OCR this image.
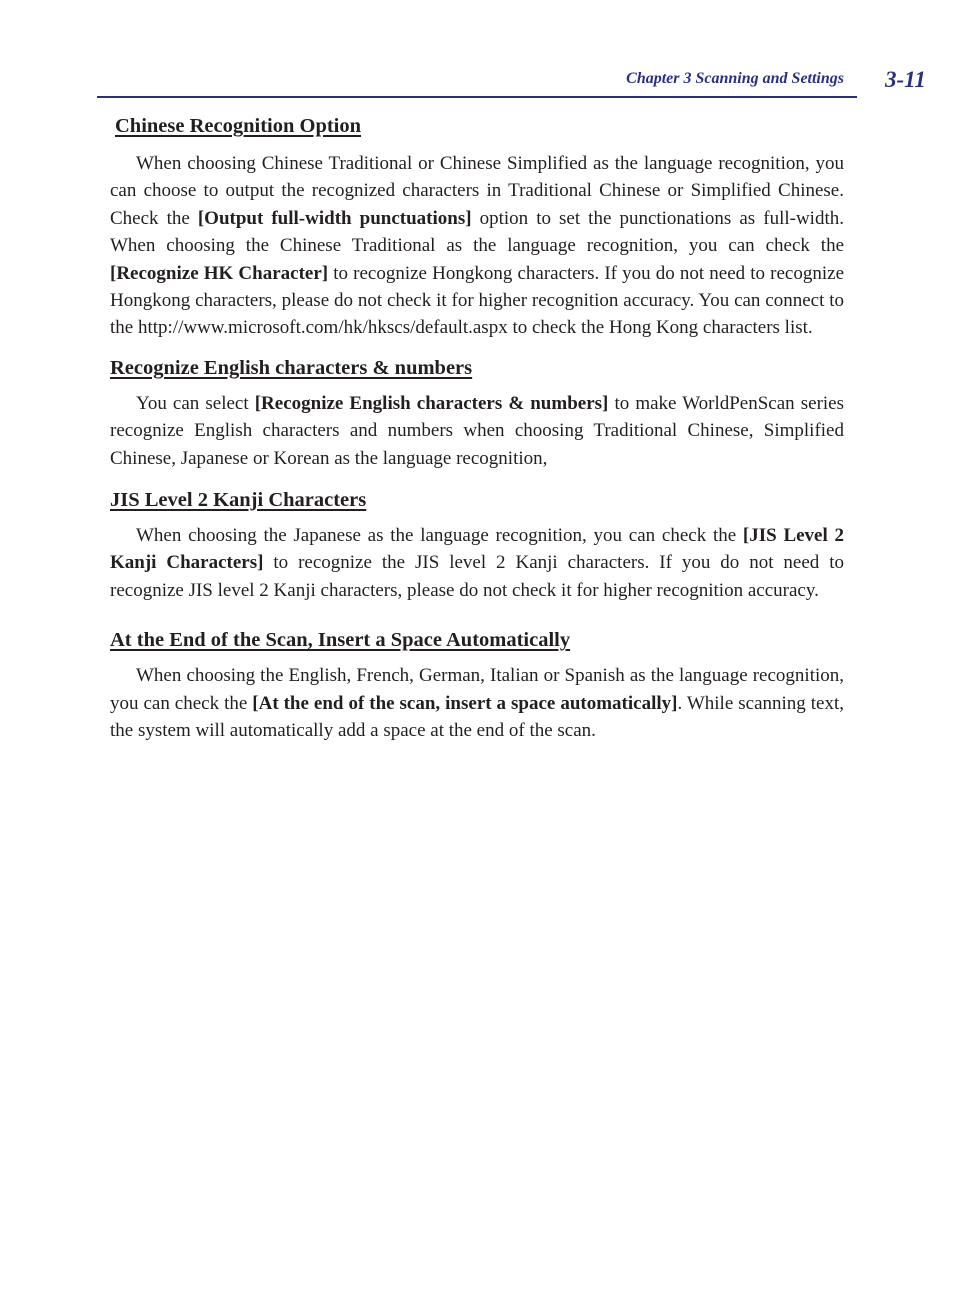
Chapter 3 Scanning and Settings 3-11
Chinese Recognition Option

When choosing Chinese Traditional or Chinese Simplified as the language recognition, you can choose to output the recognized characters in Traditional Chinese or Simplified Chinese. Check the [Output full-width punctuations] option to set the punctionations as full-width. When choosing the Chinese Traditional as the language recognition, you can check the [Recognize HK Character] to recognize Hongkong characters. If you do not need to recognize Hongkong characters, please do not check it for higher recognition accuracy. You can connect to the http://www.microsoft.com/hk/hkscs/default.aspx to check the Hong Kong characters list.

Recognize English characters & numbers

You can select [Recognize English characters & numbers] to make WorldPenScan series recognize English characters and numbers when choosing Traditional Chinese, Simplified Chinese, Japanese or Korean as the language recognition,

JIS Level 2 Kanji Characters

When choosing the Japanese as the language recognition, you can check the [JIS Level 2 Kanji Characters] to recognize the JIS level 2 Kanji characters. If you do not need to recognize JIS level 2 Kanji characters, please do not check it for higher recognition accuracy.

At the End of the Scan, Insert a Space Automatically

When choosing the English, French, German, Italian or Spanish as the language recognition, you can check the [At the end of the scan, insert a space automatically]. While scanning text, the system will automatically add a space at the end of the scan.
